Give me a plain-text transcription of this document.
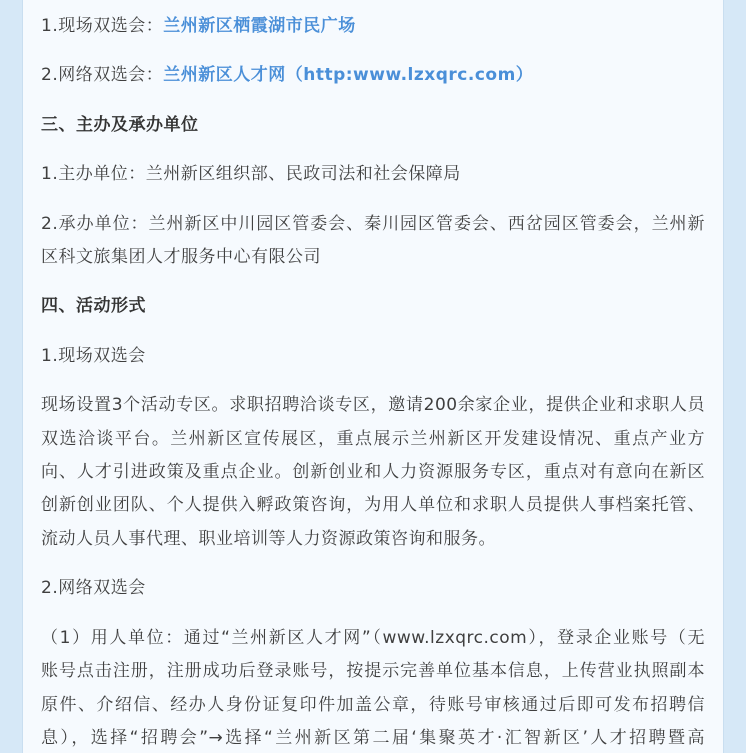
1.现场双选会：兰州新区栖霞湖市民广场
2.网络双选会：兰州新区人才网（http:www.lzxqrc.com）
三、主办及承办单位
1.主办单位：兰州新区组织部、民政司法和社会保障局
2.承办单位：兰州新区中川园区管委会、秦川园区管委会、西岔园区管委会，兰州新
区科文旅集团人才服务中心有限公司
四、活动形式
1.现场双选会
现场设置3个活动专区。求职招聘洽谈专区，邀请200余家企业，提供企业和求职人员
双选洽谈平台。兰州新区宣传展区，重点展示兰州新区开发建设情况、重点产业方
向、人才引进政策及重点企业。创新创业和人力资源服务专区，重点对有意向在新区
创新创业团队、个人提供入孵政策咨询，为用人单位和求职人员提供人事档案托管、
流动人员人事代理、职业培训等人力资源政策咨询和服务。
2.网络双选会
（1）用人单位：通过“兰州新区人才网”（www.lzxqrc.com），登录企业账号（无
账号点击注册，注册成功后登录账号，按提示完善单位基本信息，上传营业执照副本
原件、介绍信、经办人身份证复印件加盖公章，待账号审核通过后即可发布招聘信
息），选择“招聘会”→选择“兰州新区第二届‘集聚英才·汇智新区’人才招聘暨高
